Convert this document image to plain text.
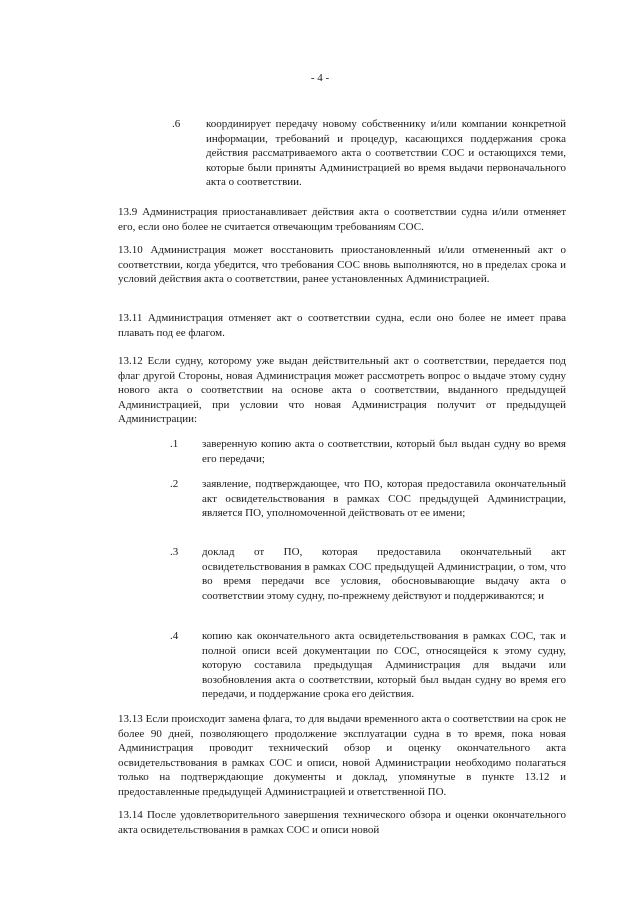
- 4 -
.6 координирует передачу новому собственнику и/или компании конкретной информации, требований и процедур, касающихся поддержания срока действия рассматриваемого акта о соответствии СОС и остающихся теми, которые были приняты Администрацией во время выдачи первоначального акта о соответствии.

13.9 Администрация приостанавливает действия акта о соответствии судна и/или отменяет его, если оно более не считается отвечающим требованиям СОС.

13.10 Администрация может восстановить приостановленный и/или отмененный акт о соответствии, когда убедится, что требования СОС вновь выполняются, но в пределах срока и условий действия акта о соответствии, ранее установленных Администрацией.

13.11 Администрация отменяет акт о соответствии судна, если оно более не имеет права плавать под ее флагом.

13.12 Если судну, которому уже выдан действительный акт о соответствии, передается под флаг другой Стороны, новая Администрация может рассмотреть вопрос о выдаче этому судну нового акта о соответствии на основе акта о соответствии, выданного предыдущей Администрацией, при условии что новая Администрация получит от предыдущей Администрации:

.1 заверенную копию акта о соответствии, который был выдан судну во время его передачи;

.2 заявление, подтверждающее, что ПО, которая предоставила окончательный акт освидетельствования в рамках СОС предыдущей Администрации, является ПО, уполномоченной действовать от ее имени;

.3 доклад от ПО, которая предоставила окончательный акт освидетельствования в рамках СОС предыдущей Администрации, о том, что во время передачи все условия, обосновывающие выдачу акта о соответствии этому судну, по-прежнему действуют и поддерживаются; и

.4 копию как окончательного акта освидетельствования в рамках СОС, так и полной описи всей документации по СОС, относящейся к этому судну, которую составила предыдущая Администрация для выдачи или возобновления акта о соответствии, который был выдан судну во время его передачи, и поддержание срока его действия.

13.13 Если происходит замена флага, то для выдачи временного акта о соответствии на срок не более 90 дней, позволяющего продолжение эксплуатации судна в то время, пока новая Администрация проводит технический обзор и оценку окончательного акта освидетельствования в рамках СОС и описи, новой Администрации необходимо полагаться только на подтверждающие документы и доклад, упомянутые в пункте 13.12 и предоставленные предыдущей Администрацией и ответственной ПО.

13.14 После удовлетворительного завершения технического обзора и оценки окончательного акта освидетельствования в рамках СОС и описи новой
